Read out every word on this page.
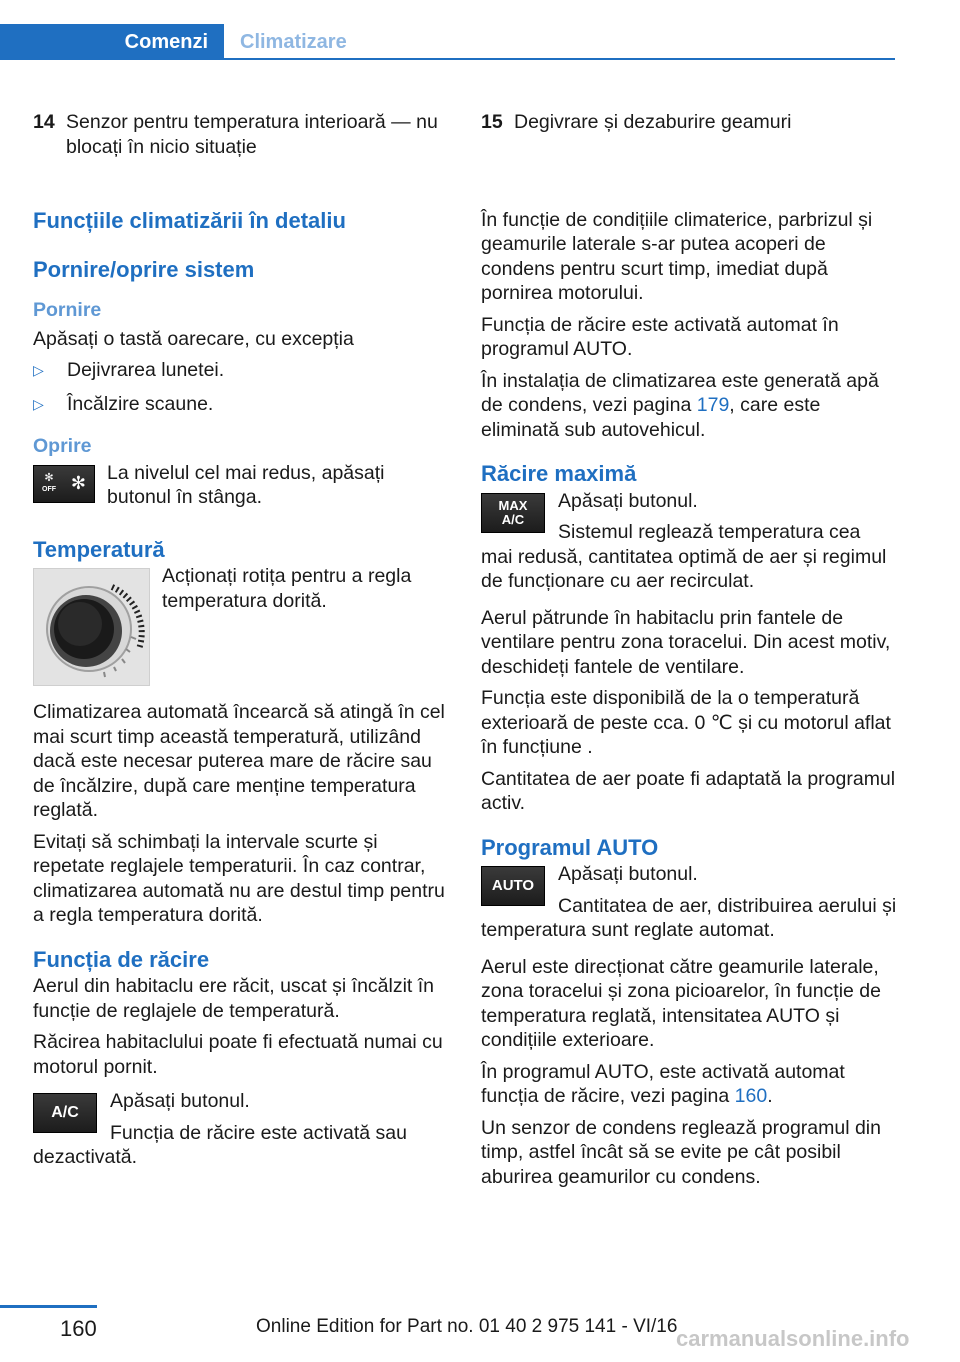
Comenzi	Climatizare
14 Senzor pentru temperatura interioară — nu blocați în nicio situație
Funcțiile climatizării în detaliu
Pornire/oprire sistem
Pornire

Apăsați o tastă oarecare, cu excepția

▷	Dejivrarea lunetei.
▷	Încălzire scaune.
Oprire
✻
OFF ✻	La nivelul cel mai redus, apăsați butonul în stânga.
Temperatură
Acționați rotița pentru a regla temperatura dorită.

Climatizarea automată încearcă să atingă în cel mai scurt timp această temperatură, utilizând dacă este necesar puterea mare de răcire sau de încălzire, după care menține temperatura reglată.

Evitați să schimbați la intervale scurte și repetate reglajele temperaturii. În caz contrar, climatizarea automată nu are destul timp pentru a regla temperatura dorită.

Funcția de răcire

Aerul din habitaclu ere răcit, uscat și încălzit în funcție de reglajele de temperatură.

Răcirea habitaclului poate fi efectuată numai cu motorul pornit.

A/C

Apăsați butonul.

Funcția de răcire este activată sau dezactivată.

15 Degivrare și dezaburire geamuri

În funcție de condițiile climaterice, parbrizul și geamurile laterale s-ar putea acoperi de condens pentru scurt timp, imediat după pornirea motorului.

Funcția de răcire este activată automat în programul AUTO.

În instalația de climatizarea este generată apă de condens, vezi pagina 179, care este eliminată sub autovehicul.

Răcire maximă
MAX
A/C

Apăsați butonul.

Sistemul reglează temperatura cea mai redusă, cantitatea optimă de aer și regimul de funcționare cu aer recirculat.

Aerul pătrunde în habitaclu prin fantele de ventilare pentru zona toracelui. Din acest motiv, deschideți fantele de ventilare.

Funcția este disponibilă de la o temperatură exterioară de peste cca. 0 ℃ și cu motorul aflat în funcțiune .

Cantitatea de aer poate fi adaptată la programul activ.

Programul AUTO
AUTO

Apăsați butonul.

Cantitatea de aer, distribuirea aerului și temperatura sunt reglate automat.

Aerul este direcționat către geamurile laterale, zona toracelui și zona picioarelor, în funcție de temperatura reglată, intensitatea AUTO și condițiile exterioare.

În programul AUTO, este activată automat funcția de răcire, vezi pagina 160.

Un senzor de condens reglează programul din timp, astfel încât să se evite pe cât posibil aburirea geamurilor cu condens.

160	Online Edition for Part no. 01 40 2 975 141 - VI/16
carmanualsonline.info
